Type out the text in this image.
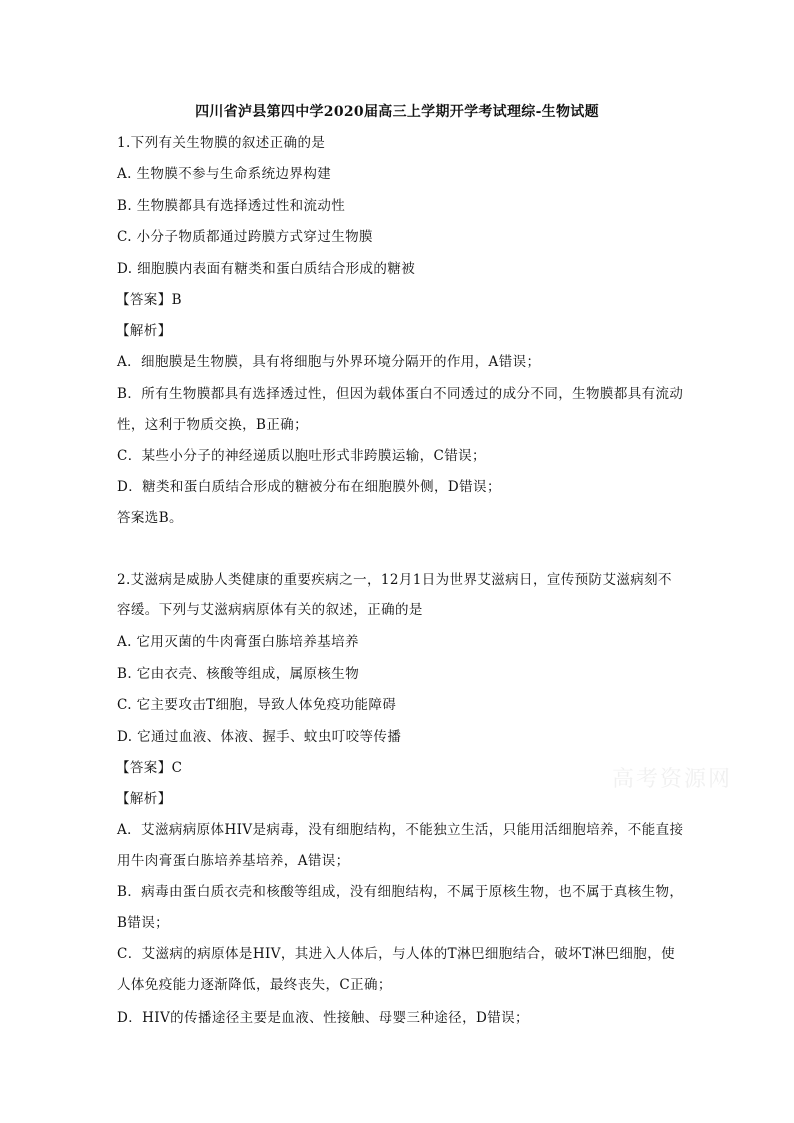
四川省泸县第四中学2020届高三上学期开学考试理综-生物试题
1.下列有关生物膜的叙述正确的是
A. 生物膜不参与生命系统边界构建
B. 生物膜都具有选择透过性和流动性
C. 小分子物质都通过跨膜方式穿过生物膜
D. 细胞膜内表面有糖类和蛋白质结合形成的糖被
【答案】B
【解析】
A．细胞膜是生物膜，具有将细胞与外界环境分隔开的作用，A错误；
B．所有生物膜都具有选择透过性，但因为载体蛋白不同透过的成分不同，生物膜都具有流动
性，这利于物质交换，B正确；
C．某些小分子的神经递质以胞吐形式非跨膜运输，C错误；
D．糖类和蛋白质结合形成的糖被分布在细胞膜外侧，D错误；
答案选B。
2.艾滋病是威胁人类健康的重要疾病之一，12月1日为世界艾滋病日，宣传预防艾滋病刻不
容缓。下列与艾滋病病原体有关的叙述，正确的是
A. 它用灭菌的牛肉膏蛋白胨培养基培养
B. 它由衣壳、核酸等组成，属原核生物
C. 它主要攻击T细胞，导致人体免疫功能障碍
D. 它通过血液、体液、握手、蚊虫叮咬等传播
【答案】C
【解析】
A．艾滋病病原体HIV是病毒，没有细胞结构，不能独立生活，只能用活细胞培养，不能直接
用牛肉膏蛋白胨培养基培养，A错误；
B．病毒由蛋白质衣壳和核酸等组成，没有细胞结构，不属于原核生物，也不属于真核生物，
B错误；
C．艾滋病的病原体是HIV，其进入人体后，与人体的T淋巴细胞结合，破坏T淋巴细胞，使
人体免疫能力逐渐降低，最终丧失，C正确；
D．HIV的传播途径主要是血液、性接触、母婴三种途径，D错误；
高考资源网
